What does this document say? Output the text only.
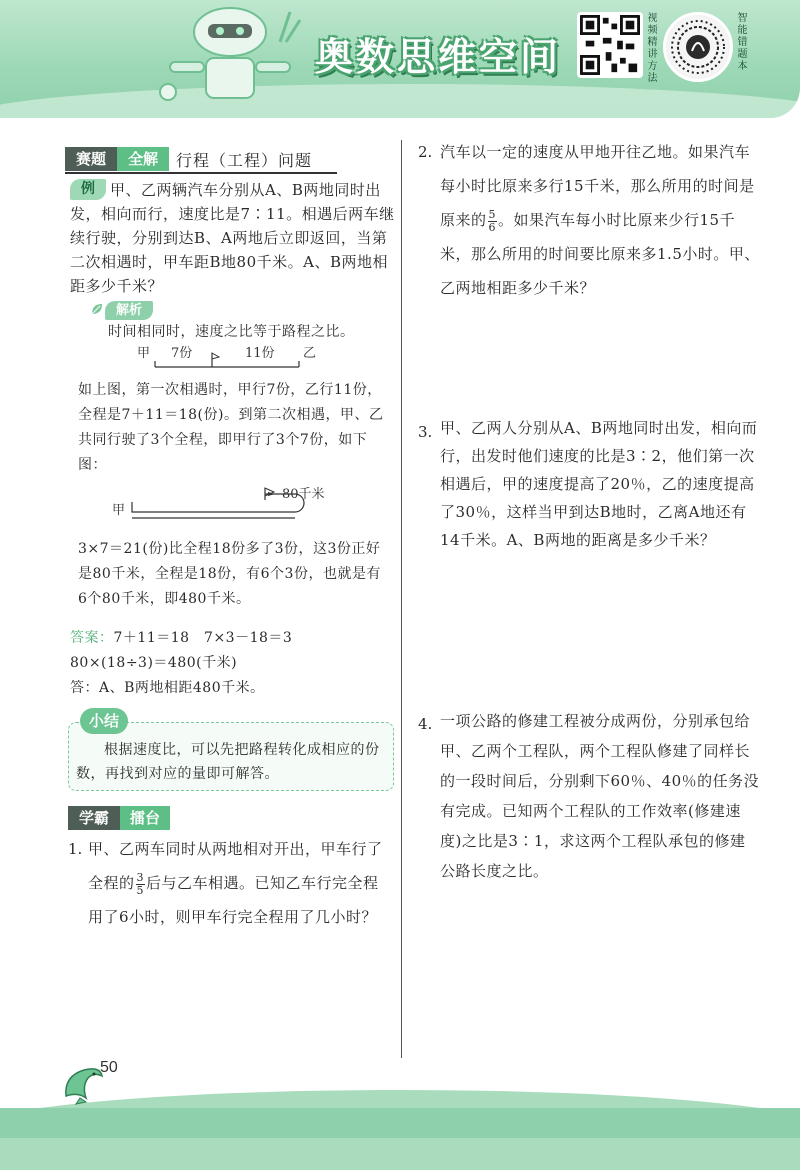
奥数思维空间	视频精讲方法	智能错题本
赛题	全解	行程（工程）问题
甲、乙两辆汽车分别从A、B两地同时出发，相向而行，速度比是7∶11。相遇后两车继续行驶，分别到达B、A两地后立即返回，当第二次相遇时，甲车距B地80千米。A、B两地相距多少千米？
例
解析
时间相同时，速度之比等于路程之比。
甲 7份	11份 乙
如上图，第一次相遇时，甲行7份，乙行11份，全程是7＋11＝18(份)。到第二次相遇，甲、乙共同行驶了3个全程，即甲行了3个7份，如下图：
甲
80千米
3×7＝21(份)比全程18份多了3份，这3份正好是80千米，全程是18份，有6个3份，也就是有6个80千米，即480千米。
答案：7＋11＝18　7×3－18＝3
80×(18÷3)＝480(千米)
答：A、B两地相距480千米。
小结
根据速度比，可以先把路程转化成相应的份数，再找到对应的量即可解答。
学霸	擂台
1. 甲、乙两车同时从两地相对开出，甲车行了全程的 $\frac{3}{5}$ 后与乙车相遇。已知乙车行完全程用了6小时，则甲车行完全程用了几小时？
2. 汽车以一定的速度从甲地开往乙地。如果汽车每小时比原来多行15千米，那么所用的时间是原来的 $\frac{5}{6}$ 。如果汽车每小时比原来少行15千米，那么所用的时间要比原来多1.5小时。甲、乙两地相距多少千米？
3. 甲、乙两人分别从A、B两地同时出发，相向而行，出发时他们速度的比是3∶2，他们第一次相遇后，甲的速度提高了20％，乙的速度提高了30％，这样当甲到达B地时，乙离A地还有14千米。A、B两地的距离是多少千米？
4. 一项公路的修建工程被分成两份，分别承包给甲、乙两个工程队，两个工程队修建了同样长的一段时间后，分别剩下60％、40％的任务没有完成。已知两个工程队的工作效率(修建速度)之比是3∶1，求这两个工程队承包的修建公路长度之比。
50
